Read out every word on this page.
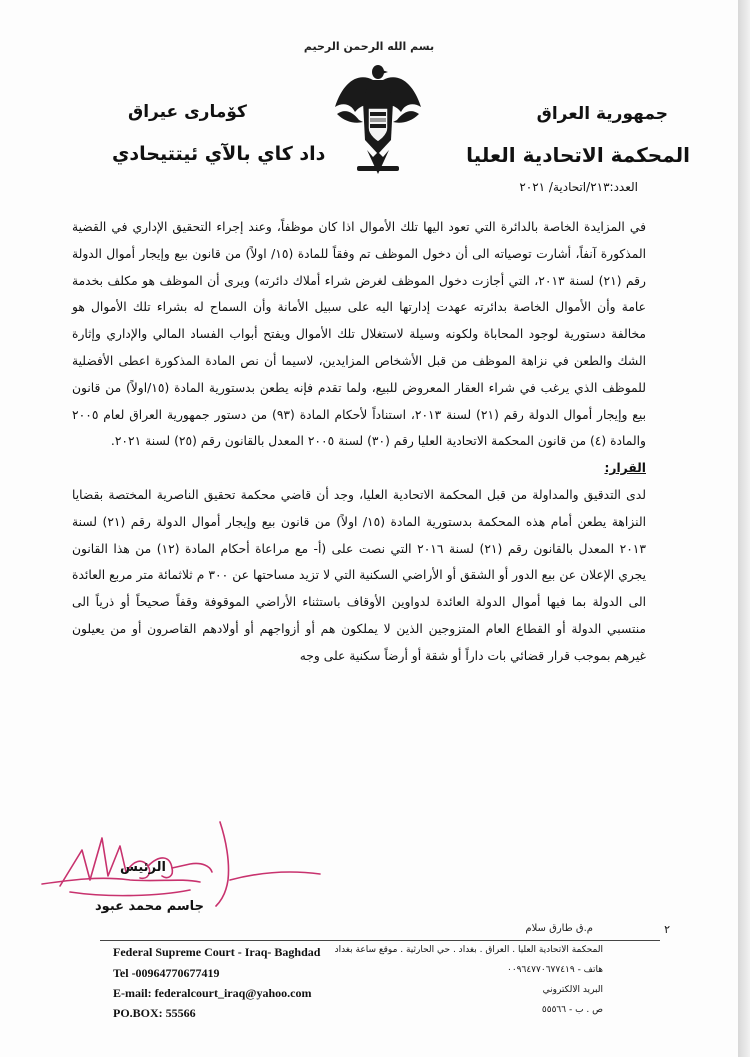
بسم الله الرحمن الرحيم
جمهورية العراق
المحكمة الاتحادية العليا
كوٚماری عیراق
داد كاي بالآي ئيتتيحادي
العدد:٢١٣/اتحادية/ ٢٠٢١

في المزايدة الخاصة بالدائرة التي تعود اليها تلك الأموال اذا كان موظفاً، وعند إجراء التحقيق الإداري في القضية المذكورة آنفاً، أشارت توصياته الى أن دخول الموظف تم وفقاً للمادة (١٥/ اولاً) من قانون بيع وإيجار أموال الدولة رقم (٢١) لسنة ٢٠١٣، التي أجازت دخول الموظف لغرض شراء أملاك دائرته) ويرى أن الموظف هو مكلف بخدمة عامة وأن الأموال الخاصة بدائرته عهدت إدارتها اليه على سبيل الأمانة وأن السماح له بشراء تلك الأموال هو مخالفة دستورية لوجود المحاباة ولكونه وسيلة لاستغلال تلك الأموال ويفتح أبواب الفساد المالي والإداري وإثارة الشك والطعن في نزاهة الموظف من قبل الأشخاص المزايدين، لاسيما أن نص المادة المذكورة اعطى الأفضلية للموظف الذي يرغب في شراء العقار المعروض للبيع، ولما تقدم فإنه يطعن بدستورية المادة (١٥/اولاً) من قانون بيع وإيجار أموال الدولة رقم (٢١) لسنة ٢٠١٣، استناداً لأحكام المادة (٩٣) من دستور جمهورية العراق لعام ٢٠٠٥ والمادة (٤) من قانون المحكمة الاتحادية العليا رقم (٣٠) لسنة ٢٠٠٥ المعدل بالقانون رقم (٢٥) لسنة ٢٠٢١.

القرار:

لدى التدقيق والمداولة من قبل المحكمة الاتحادية العليا، وجد أن قاضي محكمة تحقيق الناصرية المختصة بقضايا النزاهة يطعن أمام هذه المحكمة بدستورية المادة (١٥/ اولاً) من قانون بيع وإيجار أموال الدولة رقم (٢١) لسنة ٢٠١٣ المعدل بالقانون رقم (٢١) لسنة ٢٠١٦ التي نصت على (أ- مع مراعاة أحكام المادة (١٢) من هذا القانون يجري الإعلان عن بيع الدور أو الشقق أو الأراضي السكنية التي لا تزيد مساحتها عن ٣٠٠ م ثلاثمائة متر مربع العائدة الى الدولة بما فيها أموال الدولة العائدة لدواوين الأوقاف باستثناء الأراضي الموقوفة وقفاً صحيحاً أو ذرياً الى منتسبي الدولة أو القطاع العام المتزوجين الذين لا يملكون هم أو أزواجهم أو أولادهم القاصرون أو من يعيلون غيرهم بموجب قرار قضائي بات داراً أو شقة أو أرضاً سكنية على وجه

الرئيس
جاسم محمد عبود
٢
م.ق طارق سلام
Federal Supreme Court - Iraq- Baghdad
Tel -00964770677419
E-mail: federalcourt_iraq@yahoo.com
PO.BOX: 55566
المحكمة الاتحادية العليا . العراق . بغداد . حي الحارثية . موقع ساعة بغداد
هاتف - ٠٠٩٦٤٧٧٠٦٧٧٤١٩
البريد الالكتروني
ص . ب - ٥٥٥٦٦
